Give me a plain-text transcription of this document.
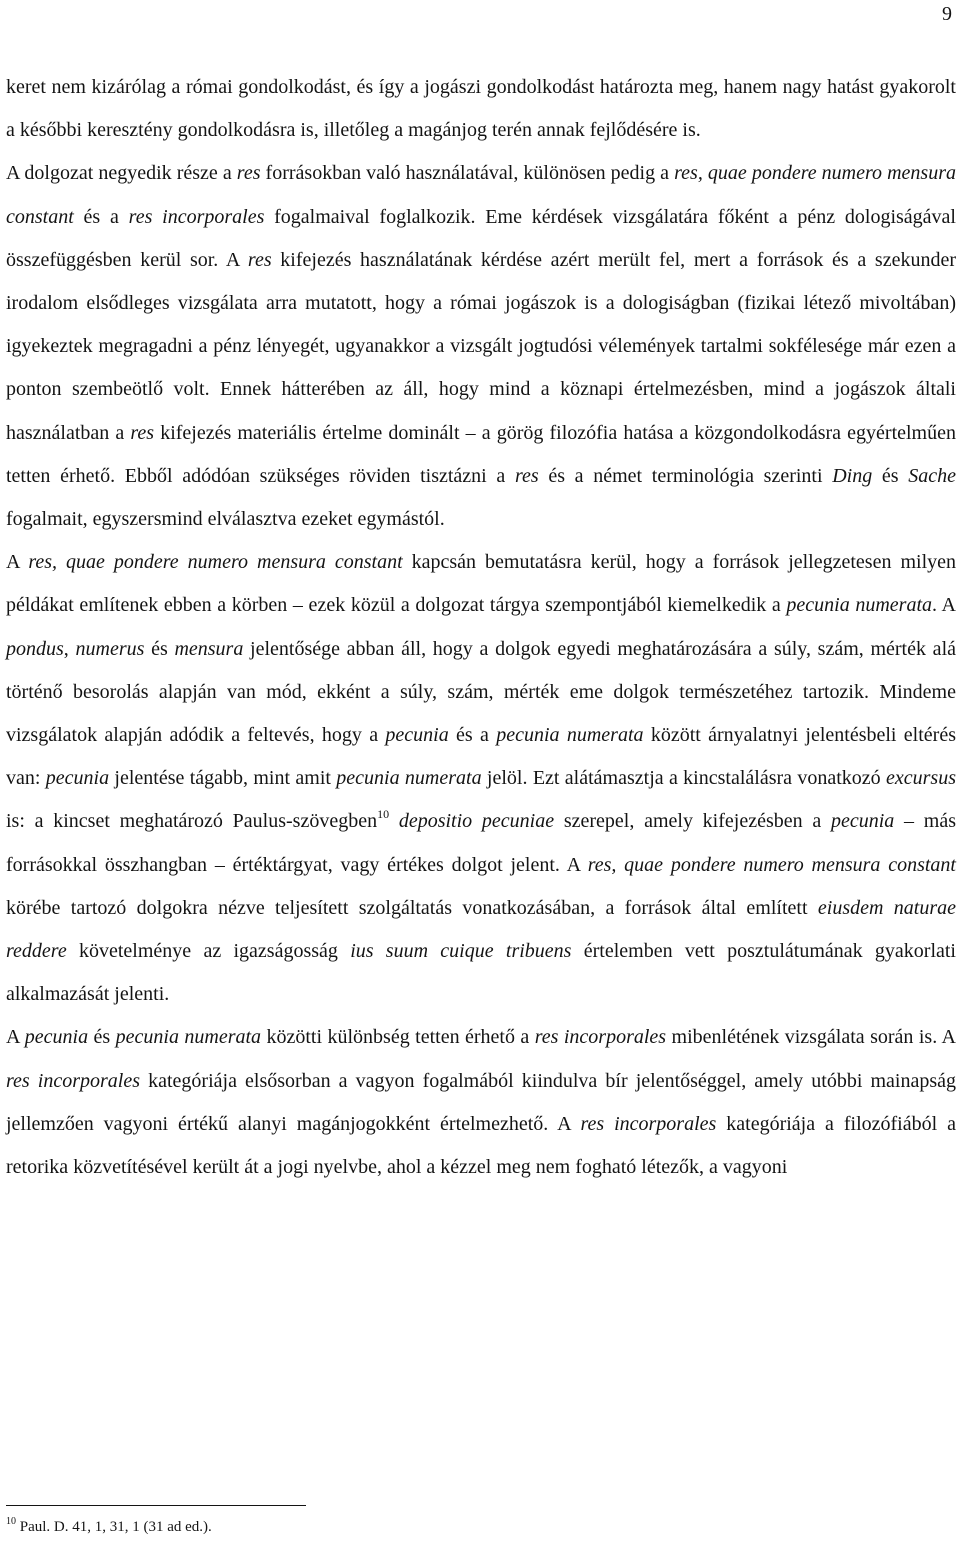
9

keret nem kizárólag a római gondolkodást, és így a jogászi gondolkodást határozta meg, hanem nagy hatást gyakorolt a későbbi keresztény gondolkodásra is, illetőleg a magánjog terén annak fejlődésére is.

A dolgozat negyedik része a res forrásokban való használatával, különösen pedig a res, quae pondere numero mensura constant és a res incorporales fogalmaival foglalkozik. Eme kérdések vizsgálatára főként a pénz dologiságával összefüggésben kerül sor. A res kifejezés használatának kérdése azért merült fel, mert a források és a szekunder irodalom elsődleges vizsgálata arra mutatott, hogy a római jogászok is a dologiságban (fizikai létező mivoltában) igyekeztek megragadni a pénz lényegét, ugyanakkor a vizsgált jogtudósi vélemények tartalmi sokfélesége már ezen a ponton szembeötlő volt. Ennek hátterében az áll, hogy mind a köznapi értelmezésben, mind a jogászok általi használatban a res kifejezés materiális értelme dominált – a görög filozófia hatása a közgondolkodásra egyértelműen tetten érhető. Ebből adódóan szükséges röviden tisztázni a res és a német terminológia szerinti Ding és Sache fogalmait, egyszersmind elválasztva ezeket egymástól.

A res, quae pondere numero mensura constant kapcsán bemutatásra kerül, hogy a források jellegzetesen milyen példákat említenek ebben a körben – ezek közül a dolgozat tárgya szempontjából kiemelkedik a pecunia numerata. A pondus, numerus és mensura jelentősége abban áll, hogy a dolgok egyedi meghatározására a súly, szám, mérték alá történő besorolás alapján van mód, ekként a súly, szám, mérték eme dolgok természetéhez tartozik. Mindeme vizsgálatok alapján adódik a feltevés, hogy a pecunia és a pecunia numerata között árnyalatnyi jelentésbeli eltérés van: pecunia jelentése tágabb, mint amit pecunia numerata jelöl. Ezt alátámasztja a kincstalálásra vonatkozó excursus is: a kincset meghatározó Paulus-szövegben$^{10}$ depositio pecuniae szerepel, amely kifejezésben a pecunia – más forrásokkal összhangban – értéktárgyat, vagy értékes dolgot jelent. A res, quae pondere numero mensura constant körébe tartozó dolgokra nézve teljesített szolgáltatás vonatkozásában, a források által említett eiusdem naturae reddere követelménye az igazságosság ius suum cuique tribuens értelemben vett posztulátumának gyakorlati alkalmazását jelenti.

A pecunia és pecunia numerata közötti különbség tetten érhető a res incorporales mibenlétének vizsgálata során is. A res incorporales kategóriája elsősorban a vagyon fogalmából kiindulva bír jelentőséggel, amely utóbbi mainapság jellemzően vagyoni értékű alanyi magánjogokként értelmezhető. A res incorporales kategóriája a filozófiából a retorika közvetítésével került át a jogi nyelvbe, ahol a kézzel meg nem fogható létezők, a vagyoni

$^{10}$ Paul. D. 41, 1, 31, 1 (31 ad ed.).
